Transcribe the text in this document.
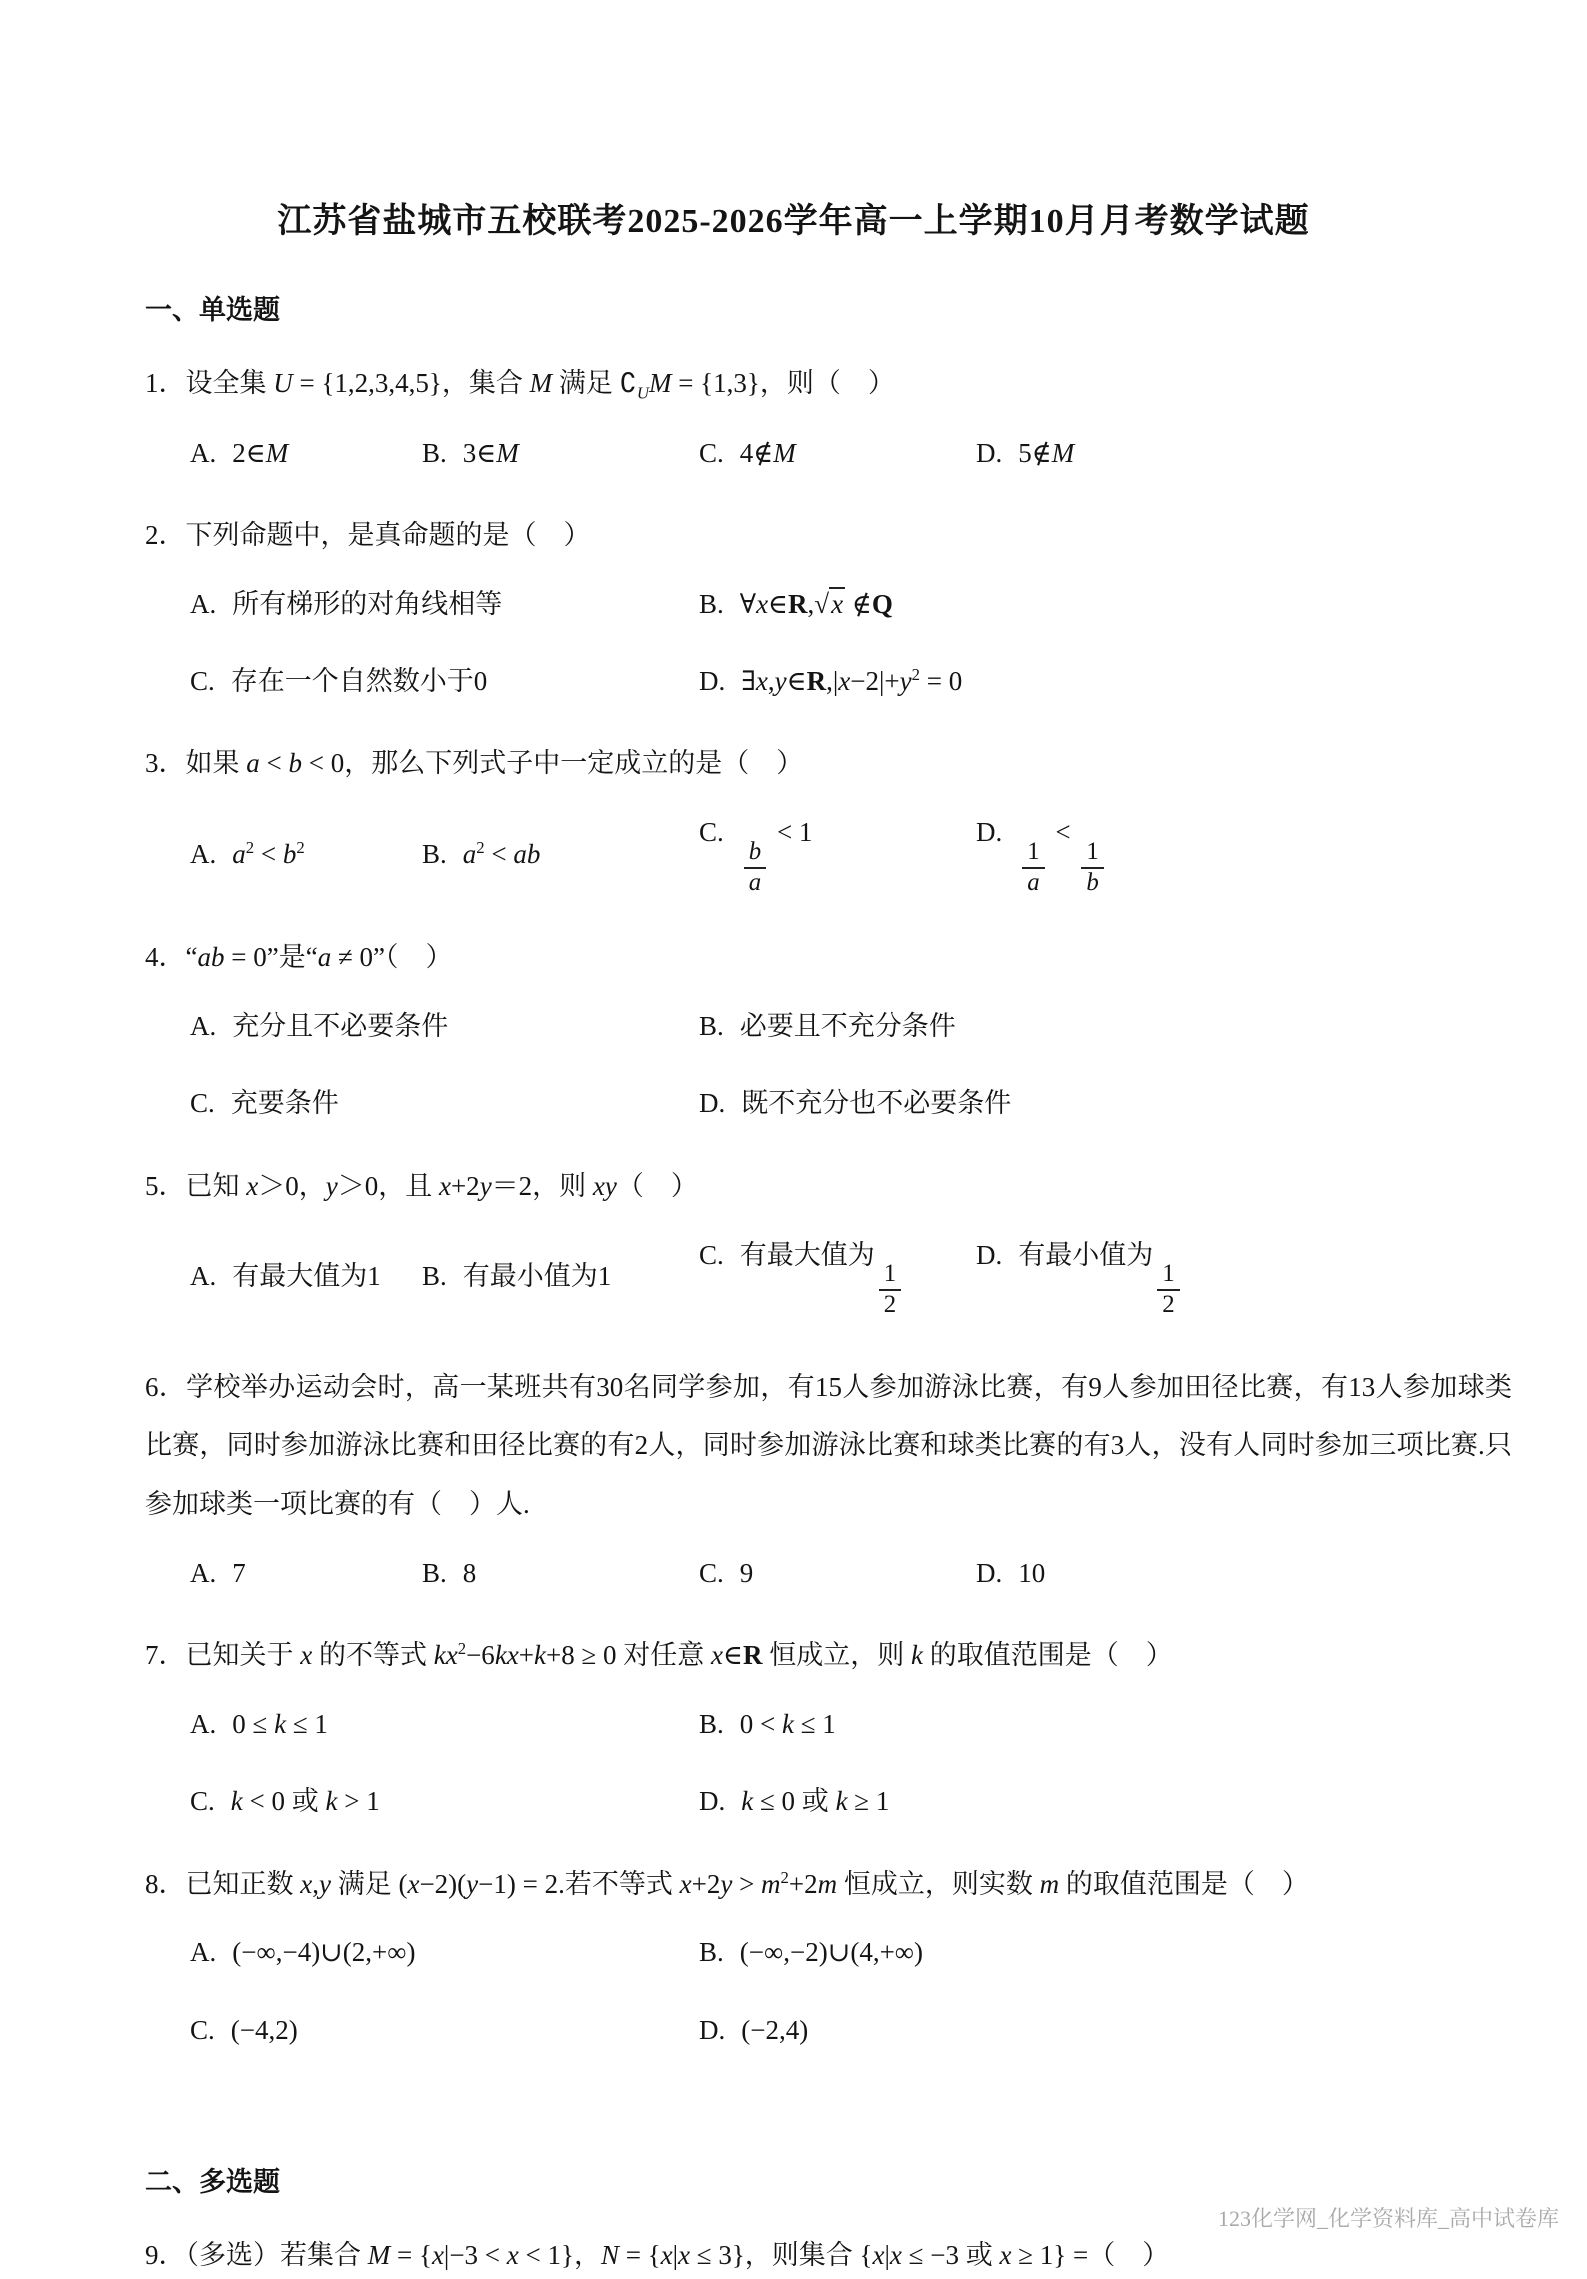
江苏省盐城市五校联考2025-2026学年高一上学期10月月考数学试题
一、单选题

1．设全集 U = {1,2,3,4,5}，集合 M 满足 $∁_UM = \{1,3\}$，则（　）

A. 2∈M	B. 3∈M	C. 4∉M	D. 5∉M

2．下列命题中，是真命题的是（　）

A. 所有梯形的对角线相等	B. ∀x∈R,√x ∉Q
C. 存在一个自然数小于0	D. $\exists x,y\in R,|x-2|+y^2 = 0$

3．如果 a < b < 0，那么下列式子中一定成立的是（　）

A. $a^2 < b^2$	B. $a^2$ < ab
C.
$\frac{b}{a}$
< 1	D.
$\frac{1}{a}$
<
$\frac{1}{b}$

4．“ab = 0”是“a ≠ 0”（　）

A. 充分且不必要条件	B. 必要且不充分条件
C. 充要条件	D. 既不充分也不必要条件

5．已知 x＞0，y＞0，且 x+2y＝2，则 xy（　）

A. 有最大值为1	B. 有最小值为1
C. 有最大值为
$\frac{1}{2}$
D. 有最小值为
$\frac{1}{2}$

6．学校举办运动会时，高一某班共有30名同学参加，有15人参加游泳比赛，有9人参加田径比赛，有13人参加球类比赛，同时参加游泳比赛和田径比赛的有2人，同时参加游泳比赛和球类比赛的有3人，没有人同时参加三项比赛.只参加球类一项比赛的有（　）人.

A. 7	B. 8	C. 9	D. 10

7．已知关于 x 的不等式 $kx^2-6kx+k+8 \ge 0$ 对任意 x∈R 恒成立，则 k 的取值范围是（　）

A. 0 ≤ k ≤ 1	B. 0 < k ≤ 1
C. k < 0 或 k > 1	D. k ≤ 0 或 k ≥ 1

8．已知正数 x,y 满足 (x−2)(y−1) = 2.若不等式 $x+2y > m^2+2m$ 恒成立，则实数 m 的取值范围是（　）

A. (−∞,−4)∪(2,+∞)	B. (−∞,−2)∪(4,+∞)
C. (−4,2)	D. (−2,4)
二、多选题

9．（多选）若集合 M = {x|−3 < x < 1}，N = {x|x ≤ 3}，则集合 {x|x ≤ −3 或 x ≥ 1} =（　）

123化学网_化学资料库_高中试卷库
